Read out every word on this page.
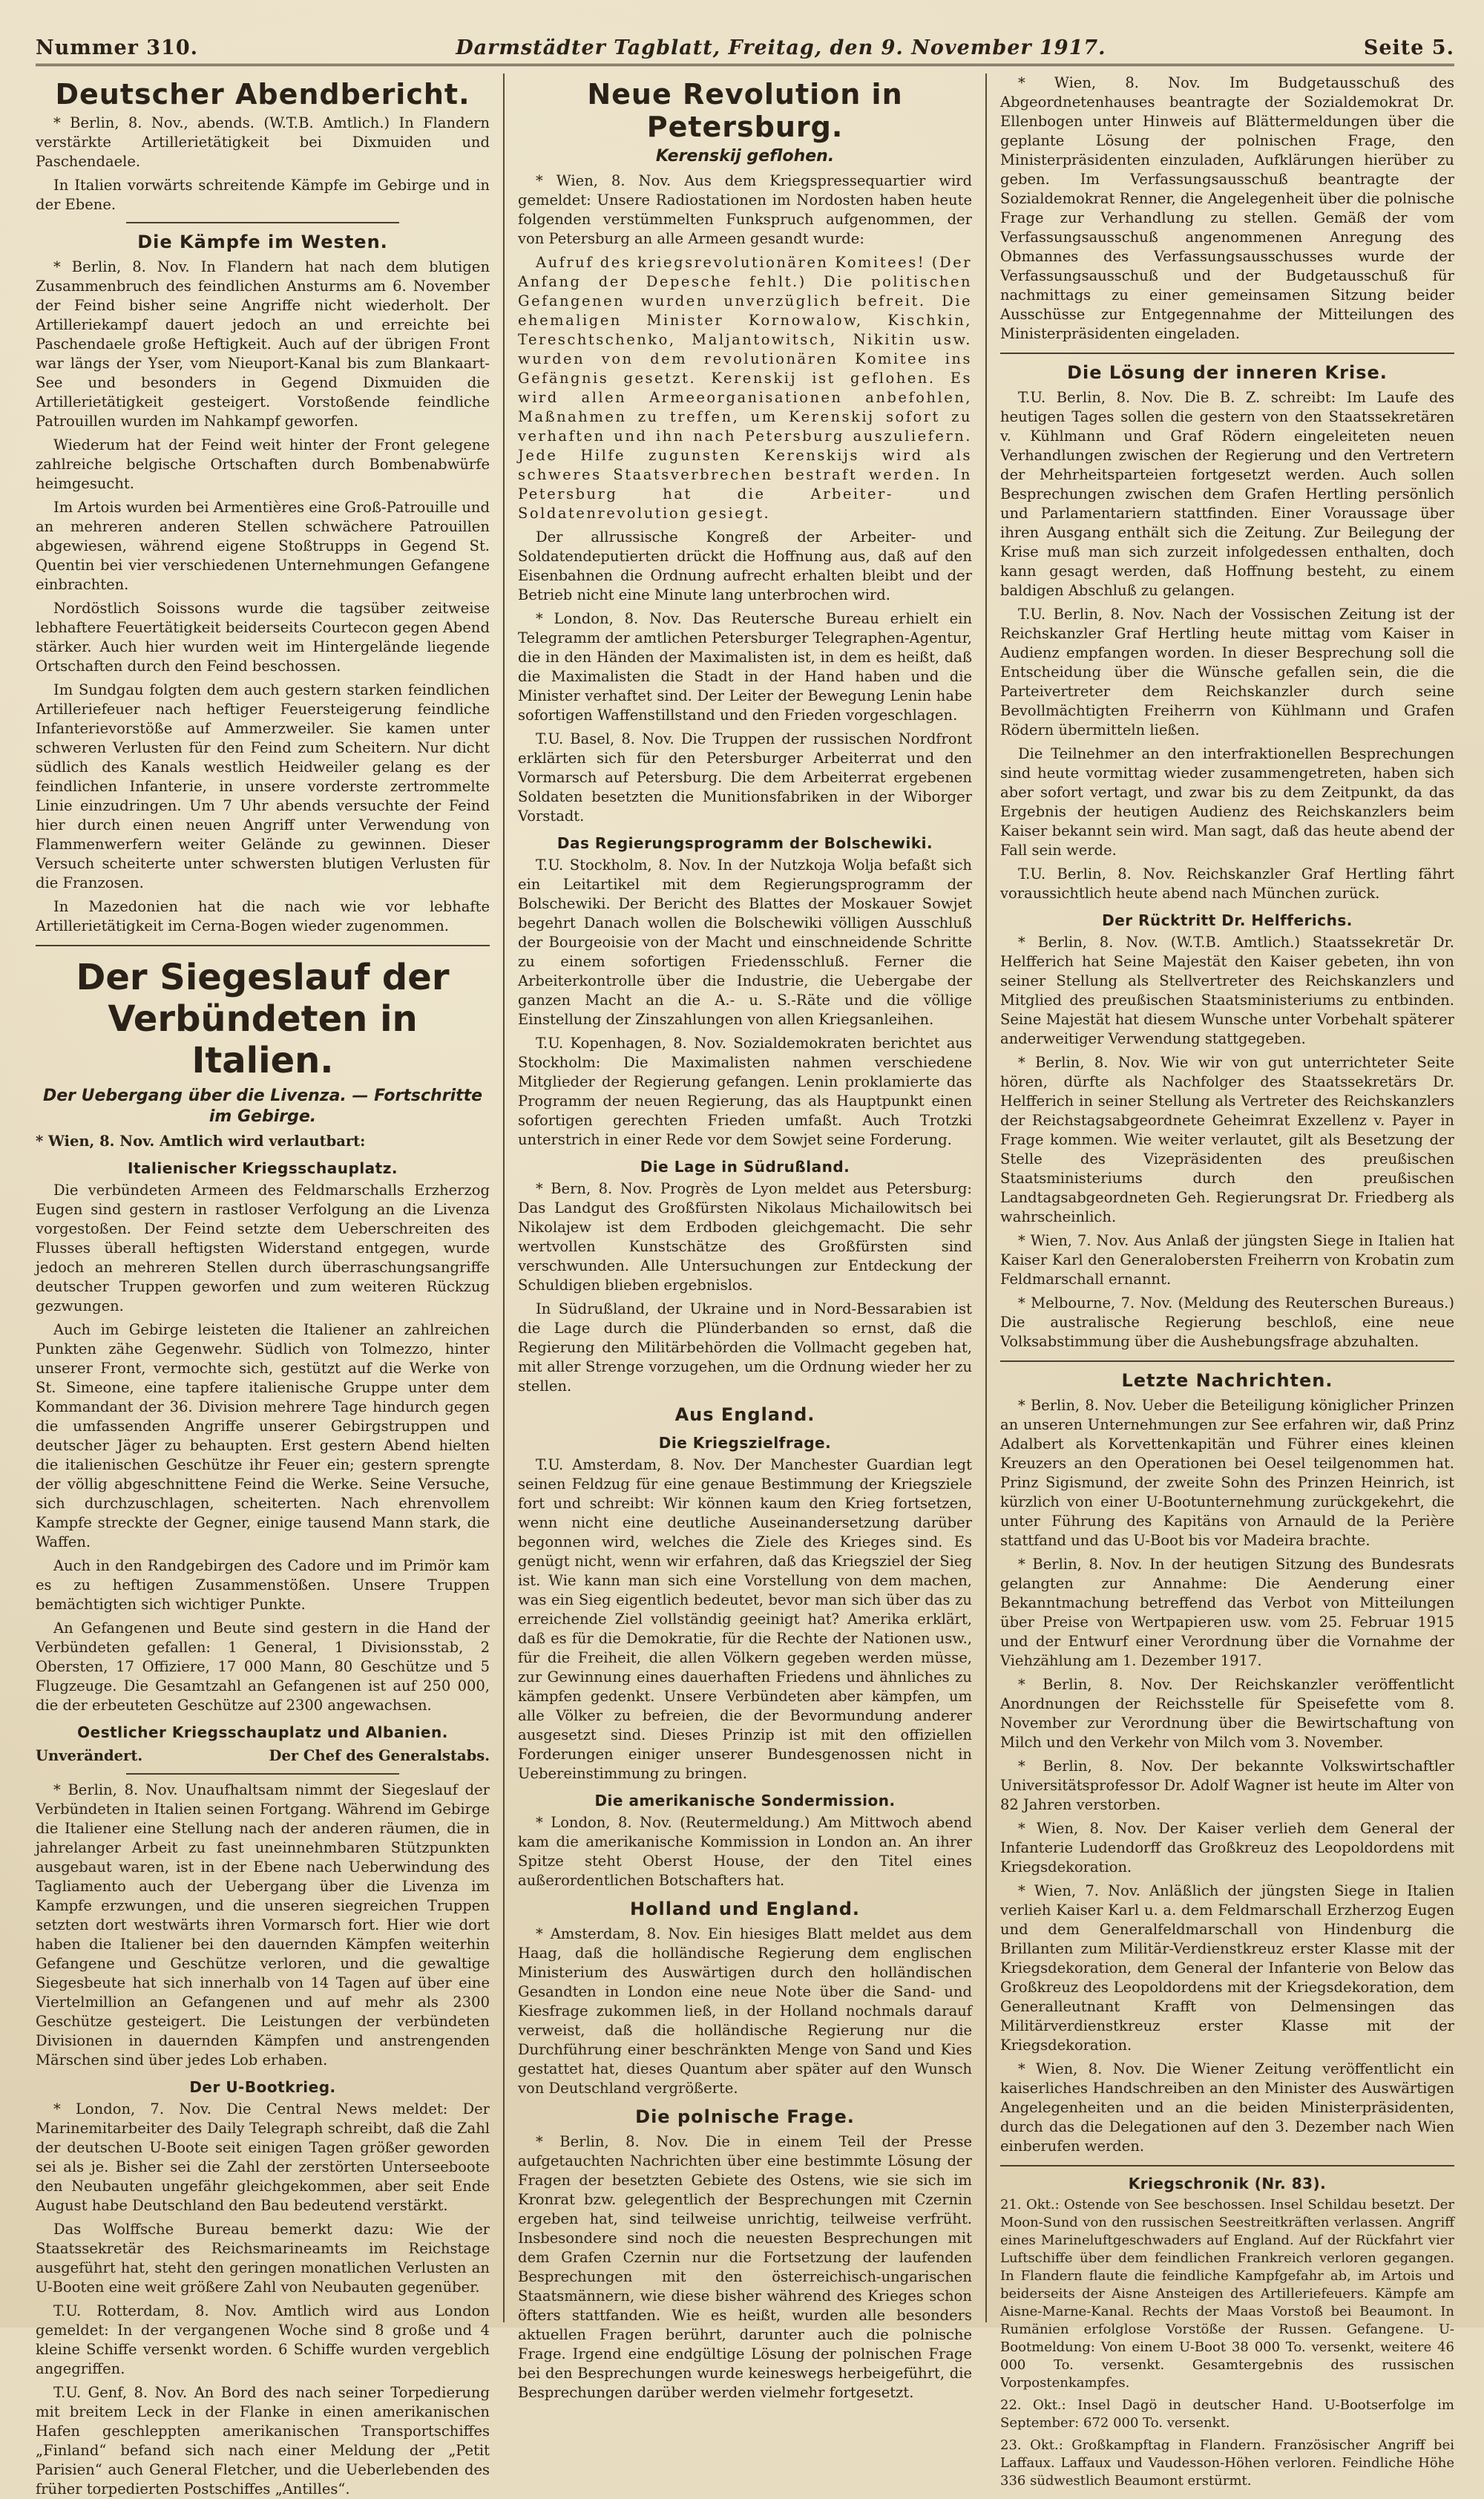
Nummer 310.	Darmstädter Tagblatt, Freitag, den 9. November 1917.	Seite 5.
Deutscher Abendbericht.

* Berlin, 8. Nov., abends. (W.T.B. Amtlich.) In Flandern verstärkte Artillerietätigkeit bei Dixmuiden und Paschendaele.

In Italien vorwärts schreitende Kämpfe im Gebirge und in der Ebene.

Die Kämpfe im Westen.

* Berlin, 8. Nov. In Flandern hat nach dem blutigen Zusammenbruch des feindlichen Ansturms am 6. November der Feind bisher seine Angriffe nicht wiederholt. Der Artilleriekampf dauert jedoch an und erreichte bei Paschendaele große Heftigkeit. Auch auf der übrigen Front war längs der Yser, vom Nieuport-Kanal bis zum Blankaart-See und besonders in Gegend Dixmuiden die Artillerietätigkeit gesteigert. Vorstoßende feindliche Patrouillen wurden im Nahkampf geworfen.

Wiederum hat der Feind weit hinter der Front gelegene zahlreiche belgische Ortschaften durch Bombenabwürfe heimgesucht.

Im Artois wurden bei Armentières eine Groß-Patrouille und an mehreren anderen Stellen schwächere Patrouillen abgewiesen, während eigene Stoßtrupps in Gegend St. Quentin bei vier verschiedenen Unternehmungen Gefangene einbrachten.

Nordöstlich Soissons wurde die tagsüber zeitweise lebhaftere Feuertätigkeit beiderseits Courtecon gegen Abend stärker. Auch hier wurden weit im Hintergelände liegende Ortschaften durch den Feind beschossen.

Im Sundgau folgten dem auch gestern starken feindlichen Artilleriefeuer nach heftiger Feuersteigerung feindliche Infanterievorstöße auf Ammerzweiler. Sie kamen unter schweren Verlusten für den Feind zum Scheitern. Nur dicht südlich des Kanals westlich Heidweiler gelang es der feindlichen Infanterie, in unsere vorderste zertrommelte Linie einzudringen. Um 7 Uhr abends versuchte der Feind hier durch einen neuen Angriff unter Verwendung von Flammenwerfern weiter Gelände zu gewinnen. Dieser Versuch scheiterte unter schwersten blutigen Verlusten für die Franzosen.

In Mazedonien hat die nach wie vor lebhafte Artillerietätigkeit im Cerna-Bogen wieder zugenommen.

Der Siegeslauf der Verbündeten in Italien.
Der Uebergang über die Livenza. — Fortschritte im Gebirge.

* Wien, 8. Nov. Amtlich wird verlautbart:

Italienischer Kriegsschauplatz.

Die verbündeten Armeen des Feldmarschalls Erzherzog Eugen sind gestern in rastloser Verfolgung an die Livenza vorgestoßen. Der Feind setzte dem Ueberschreiten des Flusses überall heftigsten Widerstand entgegen, wurde jedoch an mehreren Stellen durch überraschungsangriffe deutscher Truppen geworfen und zum weiteren Rückzug gezwungen.

Auch im Gebirge leisteten die Italiener an zahlreichen Punkten zähe Gegenwehr. Südlich von Tolmezzo, hinter unserer Front, vermochte sich, gestützt auf die Werke von St. Simeone, eine tapfere italienische Gruppe unter dem Kommandant der 36. Division mehrere Tage hindurch gegen die umfassenden Angriffe unserer Gebirgstruppen und deutscher Jäger zu behaupten. Erst gestern Abend hielten die italienischen Geschütze ihr Feuer ein; gestern sprengte der völlig abgeschnittene Feind die Werke. Seine Versuche, sich durchzuschlagen, scheiterten. Nach ehrenvollem Kampfe streckte der Gegner, einige tausend Mann stark, die Waffen.

Auch in den Randgebirgen des Cadore und im Primör kam es zu heftigen Zusammenstößen. Unsere Truppen bemächtigten sich wichtiger Punkte.

An Gefangenen und Beute sind gestern in die Hand der Verbündeten gefallen: 1 General, 1 Divisionsstab, 2 Obersten, 17 Offiziere, 17 000 Mann, 80 Geschütze und 5 Flugzeuge. Die Gesamtzahl an Gefangenen ist auf 250 000, die der erbeuteten Geschütze auf 2300 angewachsen.

Oestlicher Kriegsschauplatz und Albanien.
Unverändert.	Der Chef des Generalstabs.

* Berlin, 8. Nov. Unaufhaltsam nimmt der Siegeslauf der Verbündeten in Italien seinen Fortgang. Während im Gebirge die Italiener eine Stellung nach der anderen räumen, die in jahrelanger Arbeit zu fast uneinnehmbaren Stützpunkten ausgebaut waren, ist in der Ebene nach Ueberwindung des Tagliamento auch der Uebergang über die Livenza im Kampfe erzwungen, und die unseren siegreichen Truppen setzten dort westwärts ihren Vormarsch fort. Hier wie dort haben die Italiener bei den dauernden Kämpfen weiterhin Gefangene und Geschütze verloren, und die gewaltige Siegesbeute hat sich innerhalb von 14 Tagen auf über eine Viertelmillion an Gefangenen und auf mehr als 2300 Geschütze gesteigert. Die Leistungen der verbündeten Divisionen in dauernden Kämpfen und anstrengenden Märschen sind über jedes Lob erhaben.

Der U-Bootkrieg.

* London, 7. Nov. Die Central News meldet: Der Marinemitarbeiter des Daily Telegraph schreibt, daß die Zahl der deutschen U-Boote seit einigen Tagen größer geworden sei als je. Bisher sei die Zahl der zerstörten Unterseeboote den Neubauten ungefähr gleichgekommen, aber seit Ende August habe Deutschland den Bau bedeutend verstärkt.

Das Wolffsche Bureau bemerkt dazu: Wie der Staatssekretär des Reichsmarineamts im Reichstage ausgeführt hat, steht den geringen monatlichen Verlusten an U-Booten eine weit größere Zahl von Neubauten gegenüber.

T.U. Rotterdam, 8. Nov. Amtlich wird aus London gemeldet: In der vergangenen Woche sind 8 große und 4 kleine Schiffe versenkt worden. 6 Schiffe wurden vergeblich angegriffen.

T.U. Genf, 8. Nov. An Bord des nach seiner Torpedierung mit breitem Leck in der Flanke in einen amerikanischen Hafen geschleppten amerikanischen Transportschiffes „Finland“ befand sich nach einer Meldung der „Petit Parisien“ auch General Fletcher, und die Ueberlebenden des früher torpedierten Postschiffes „Antilles“.

Neue Revolution in Petersburg.
Kerenskij geflohen.

* Wien, 8. Nov. Aus dem Kriegspressequartier wird gemeldet: Unsere Radiostationen im Nordosten haben heute folgenden verstümmelten Funkspruch aufgenommen, der von Petersburg an alle Armeen gesandt wurde:

Aufruf des kriegsrevolutionären Komitees! (Der Anfang der Depesche fehlt.) Die politischen Gefangenen wurden unverzüglich befreit. Die ehemaligen Minister Kornowalow, Kischkin, Tereschtschenko, Maljantowitsch, Nikitin usw. wurden von dem revolutionären Komitee ins Gefängnis gesetzt. Kerenskij ist geflohen. Es wird allen Armeeorganisationen anbefohlen, Maßnahmen zu treffen, um Kerenskij sofort zu verhaften und ihn nach Petersburg auszuliefern. Jede Hilfe zugunsten Kerenskijs wird als schweres Staatsverbrechen bestraft werden. In Petersburg hat die Arbeiter- und Soldatenrevolution gesiegt.

Der allrussische Kongreß der Arbeiter- und Soldatendeputierten drückt die Hoffnung aus, daß auf den Eisenbahnen die Ordnung aufrecht erhalten bleibt und der Betrieb nicht eine Minute lang unterbrochen wird.

* London, 8. Nov. Das Reutersche Bureau erhielt ein Telegramm der amtlichen Petersburger Telegraphen-Agentur, die in den Händen der Maximalisten ist, in dem es heißt, daß die Maximalisten die Stadt in der Hand haben und die Minister verhaftet sind. Der Leiter der Bewegung Lenin habe sofortigen Waffenstillstand und den Frieden vorgeschlagen.

T.U. Basel, 8. Nov. Die Truppen der russischen Nordfront erklärten sich für den Petersburger Arbeiterrat und den Vormarsch auf Petersburg. Die dem Arbeiterrat ergebenen Soldaten besetzten die Munitionsfabriken in der Wiborger Vorstadt.

Das Regierungsprogramm der Bolschewiki.

T.U. Stockholm, 8. Nov. In der Nutzkoja Wolja befaßt sich ein Leitartikel mit dem Regierungsprogramm der Bolschewiki. Der Bericht des Blattes der Moskauer Sowjet begehrt Danach wollen die Bolschewiki völligen Ausschluß der Bourgeoisie von der Macht und einschneidende Schritte zu einem sofortigen Friedensschluß. Ferner die Arbeiterkontrolle über die Industrie, die Uebergabe der ganzen Macht an die A.- u. S.-Räte und die völlige Einstellung der Zinszahlungen von allen Kriegsanleihen.

T.U. Kopenhagen, 8. Nov. Sozialdemokraten berichtet aus Stockholm: Die Maximalisten nahmen verschiedene Mitglieder der Regierung gefangen. Lenin proklamierte das Programm der neuen Regierung, das als Hauptpunkt einen sofortigen gerechten Frieden umfaßt. Auch Trotzki unterstrich in einer Rede vor dem Sowjet seine Forderung.

Die Lage in Südrußland.

* Bern, 8. Nov. Progrès de Lyon meldet aus Petersburg: Das Landgut des Großfürsten Nikolaus Michailowitsch bei Nikolajew ist dem Erdboden gleichgemacht. Die sehr wertvollen Kunstschätze des Großfürsten sind verschwunden. Alle Untersuchungen zur Entdeckung der Schuldigen blieben ergebnislos.

In Südrußland, der Ukraine und in Nord-Bessarabien ist die Lage durch die Plünderbanden so ernst, daß die Regierung den Militärbehörden die Vollmacht gegeben hat, mit aller Strenge vorzugehen, um die Ordnung wieder her zu stellen.

Aus England.
Die Kriegszielfrage.

T.U. Amsterdam, 8. Nov. Der Manchester Guardian legt seinen Feldzug für eine genaue Bestimmung der Kriegsziele fort und schreibt: Wir können kaum den Krieg fortsetzen, wenn nicht eine deutliche Auseinandersetzung darüber begonnen wird, welches die Ziele des Krieges sind. Es genügt nicht, wenn wir erfahren, daß das Kriegsziel der Sieg ist. Wie kann man sich eine Vorstellung von dem machen, was ein Sieg eigentlich bedeutet, bevor man sich über das zu erreichende Ziel vollständig geeinigt hat? Amerika erklärt, daß es für die Demokratie, für die Rechte der Nationen usw., für die Freiheit, die allen Völkern gegeben werden müsse, zur Gewinnung eines dauerhaften Friedens und ähnliches zu kämpfen gedenkt. Unsere Verbündeten aber kämpfen, um alle Völker zu befreien, die der Bevormundung anderer ausgesetzt sind. Dieses Prinzip ist mit den offiziellen Forderungen einiger unserer Bundesgenossen nicht in Uebereinstimmung zu bringen.

Die amerikanische Sondermission.

* London, 8. Nov. (Reutermeldung.) Am Mittwoch abend kam die amerikanische Kommission in London an. An ihrer Spitze steht Oberst House, der den Titel eines außerordentlichen Botschafters hat.

Holland und England.

* Amsterdam, 8. Nov. Ein hiesiges Blatt meldet aus dem Haag, daß die holländische Regierung dem englischen Ministerium des Auswärtigen durch den holländischen Gesandten in London eine neue Note über die Sand- und Kiesfrage zukommen ließ, in der Holland nochmals darauf verweist, daß die holländische Regierung nur die Durchführung einer beschränkten Menge von Sand und Kies gestattet hat, dieses Quantum aber später auf den Wunsch von Deutschland vergrößerte.

Die polnische Frage.

* Berlin, 8. Nov. Die in einem Teil der Presse aufgetauchten Nachrichten über eine bestimmte Lösung der Fragen der besetzten Gebiete des Ostens, wie sie sich im Kronrat bzw. gelegentlich der Besprechungen mit Czernin ergeben hat, sind teilweise unrichtig, teilweise verfrüht. Insbesondere sind noch die neuesten Besprechungen mit dem Grafen Czernin nur die Fortsetzung der laufenden Besprechungen mit den österreichisch-ungarischen Staatsmännern, wie diese bisher während des Krieges schon öfters stattfanden. Wie es heißt, wurden alle besonders aktuellen Fragen berührt, darunter auch die polnische Frage. Irgend eine endgültige Lösung der polnischen Frage bei den Besprechungen wurde keineswegs herbeigeführt, die Besprechungen darüber werden vielmehr fortgesetzt.

* Wien, 8. Nov. Im Budgetausschuß des Abgeordnetenhauses beantragte der Sozialdemokrat Dr. Ellenbogen unter Hinweis auf Blättermeldungen über die geplante Lösung der polnischen Frage, den Ministerpräsidenten einzuladen, Aufklärungen hierüber zu geben. Im Verfassungsausschuß beantragte der Sozialdemokrat Renner, die Angelegenheit über die polnische Frage zur Verhandlung zu stellen. Gemäß der vom Verfassungsausschuß angenommenen Anregung des Obmannes des Verfassungsausschusses wurde der Verfassungsausschuß und der Budgetausschuß für nachmittags zu einer gemeinsamen Sitzung beider Ausschüsse zur Entgegennahme der Mitteilungen des Ministerpräsidenten eingeladen.

Die Lösung der inneren Krise.

T.U. Berlin, 8. Nov. Die B. Z. schreibt: Im Laufe des heutigen Tages sollen die gestern von den Staatssekretären v. Kühlmann und Graf Rödern eingeleiteten neuen Verhandlungen zwischen der Regierung und den Vertretern der Mehrheitsparteien fortgesetzt werden. Auch sollen Besprechungen zwischen dem Grafen Hertling persönlich und Parlamentariern stattfinden. Einer Voraussage über ihren Ausgang enthält sich die Zeitung. Zur Beilegung der Krise muß man sich zurzeit infolgedessen enthalten, doch kann gesagt werden, daß Hoffnung besteht, zu einem baldigen Abschluß zu gelangen.

T.U. Berlin, 8. Nov. Nach der Vossischen Zeitung ist der Reichskanzler Graf Hertling heute mittag vom Kaiser in Audienz empfangen worden. In dieser Besprechung soll die Entscheidung über die Wünsche gefallen sein, die die Parteivertreter dem Reichskanzler durch seine Bevollmächtigten Freiherrn von Kühlmann und Grafen Rödern übermitteln ließen.

Die Teilnehmer an den interfraktionellen Besprechungen sind heute vormittag wieder zusammengetreten, haben sich aber sofort vertagt, und zwar bis zu dem Zeitpunkt, da das Ergebnis der heutigen Audienz des Reichskanzlers beim Kaiser bekannt sein wird. Man sagt, daß das heute abend der Fall sein werde.

T.U. Berlin, 8. Nov. Reichskanzler Graf Hertling fährt voraussichtlich heute abend nach München zurück.

Der Rücktritt Dr. Helfferichs.

* Berlin, 8. Nov. (W.T.B. Amtlich.) Staatssekretär Dr. Helfferich hat Seine Majestät den Kaiser gebeten, ihn von seiner Stellung als Stellvertreter des Reichskanzlers und Mitglied des preußischen Staatsministeriums zu entbinden. Seine Majestät hat diesem Wunsche unter Vorbehalt späterer anderweitiger Verwendung stattgegeben.

* Berlin, 8. Nov. Wie wir von gut unterrichteter Seite hören, dürfte als Nachfolger des Staatssekretärs Dr. Helfferich in seiner Stellung als Vertreter des Reichskanzlers der Reichstagsabgeordnete Geheimrat Exzellenz v. Payer in Frage kommen. Wie weiter verlautet, gilt als Besetzung der Stelle des Vizepräsidenten des preußischen Staatsministeriums durch den preußischen Landtagsabgeordneten Geh. Regierungsrat Dr. Friedberg als wahrscheinlich.

* Wien, 7. Nov. Aus Anlaß der jüngsten Siege in Italien hat Kaiser Karl den Generalobersten Freiherrn von Krobatin zum Feldmarschall ernannt.

* Melbourne, 7. Nov. (Meldung des Reuterschen Bureaus.) Die australische Regierung beschloß, eine neue Volksabstimmung über die Aushebungsfrage abzuhalten.

Letzte Nachrichten.

* Berlin, 8. Nov. Ueber die Beteiligung königlicher Prinzen an unseren Unternehmungen zur See erfahren wir, daß Prinz Adalbert als Korvettenkapitän und Führer eines kleinen Kreuzers an den Operationen bei Oesel teilgenommen hat. Prinz Sigismund, der zweite Sohn des Prinzen Heinrich, ist kürzlich von einer U-Bootunternehmung zurückgekehrt, die unter Führung des Kapitäns von Arnauld de la Perière stattfand und das U-Boot bis vor Madeira brachte.

* Berlin, 8. Nov. In der heutigen Sitzung des Bundesrats gelangten zur Annahme: Die Aenderung einer Bekanntmachung betreffend das Verbot von Mitteilungen über Preise von Wertpapieren usw. vom 25. Februar 1915 und der Entwurf einer Verordnung über die Vornahme der Viehzählung am 1. Dezember 1917.

* Berlin, 8. Nov. Der Reichskanzler veröffentlicht Anordnungen der Reichsstelle für Speisefette vom 8. November zur Verordnung über die Bewirtschaftung von Milch und den Verkehr von Milch vom 3. November.

* Berlin, 8. Nov. Der bekannte Volkswirtschaftler Universitätsprofessor Dr. Adolf Wagner ist heute im Alter von 82 Jahren verstorben.

* Wien, 8. Nov. Der Kaiser verlieh dem General der Infanterie Ludendorff das Großkreuz des Leopoldordens mit Kriegsdekoration.

* Wien, 7. Nov. Anläßlich der jüngsten Siege in Italien verlieh Kaiser Karl u. a. dem Feldmarschall Erzherzog Eugen und dem Generalfeldmarschall von Hindenburg die Brillanten zum Militär-Verdienstkreuz erster Klasse mit der Kriegsdekoration, dem General der Infanterie von Below das Großkreuz des Leopoldordens mit der Kriegsdekoration, dem Generalleutnant Krafft von Delmensingen das Militärverdienstkreuz erster Klasse mit der Kriegsdekoration.

* Wien, 8. Nov. Die Wiener Zeitung veröffentlicht ein kaiserliches Handschreiben an den Minister des Auswärtigen Angelegenheiten und an die beiden Ministerpräsidenten, durch das die Delegationen auf den 3. Dezember nach Wien einberufen werden.

Kriegschronik (Nr. 83).

21. Okt.: Ostende von See beschossen. Insel Schildau besetzt. Der Moon-Sund von den russischen Seestreitkräften verlassen. Angriff eines Marineluftgeschwaders auf England. Auf der Rückfahrt vier Luftschiffe über dem feindlichen Frankreich verloren gegangen. In Flandern flaute die feindliche Kampfgefahr ab, im Artois und beiderseits der Aisne Ansteigen des Artilleriefeuers. Kämpfe am Aisne-Marne-Kanal. Rechts der Maas Vorstoß bei Beaumont. In Rumänien erfolglose Vorstöße der Russen. Gefangene. U-Bootmeldung: Von einem U-Boot 38 000 To. versenkt, weitere 46 000 To. versenkt. Gesamtergebnis des russischen Vorpostenkampfes.

22. Okt.: Insel Dagö in deutscher Hand. U-Bootserfolge im September: 672 000 To. versenkt.

23. Okt.: Großkampftag in Flandern. Französischer Angriff bei Laffaux. Laffaux und Vaudesson-Höhen verloren. Feindliche Höhe 336 südwestlich Beaumont erstürmt.
